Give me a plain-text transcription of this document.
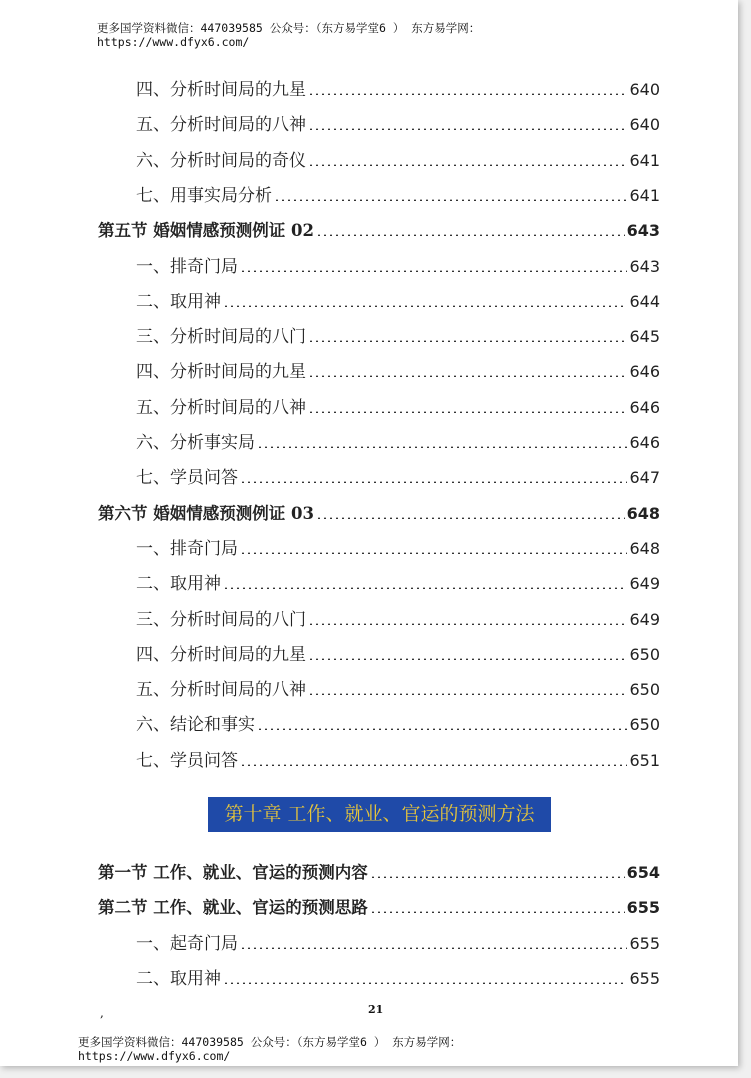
更多国学资料微信：447039585 公众号：（东方易学堂6 ） 东方易学网：
https://www.dfyx6.com/
四、分析时间局的九星	640
五、分析时间局的八神	640
六、分析时间局的奇仪	641
七、用事实局分析	641
第五节 婚姻情感预测例证 02	643
一、排奇门局	643
二、取用神	644
三、分析时间局的八门	645
四、分析时间局的九星	646
五、分析时间局的八神	646
六、分析事实局	646
七、学员问答	647
第六节 婚姻情感预测例证 03	648
一、排奇门局	648
二、取用神	649
三、分析时间局的八门	649
四、分析时间局的九星	650
五、分析时间局的八神	650
六、结论和事实	650
七、学员问答	651
第十章 工作、就业、官运的预测方法
第一节 工作、就业、官运的预测内容	654
第二节 工作、就业、官运的预测思路	655
一、起奇门局	655
二、取用神	655
,	21
更多国学资料微信：447039585 公众号：（东方易学堂6 ） 东方易学网：
https://www.dfyx6.com/
